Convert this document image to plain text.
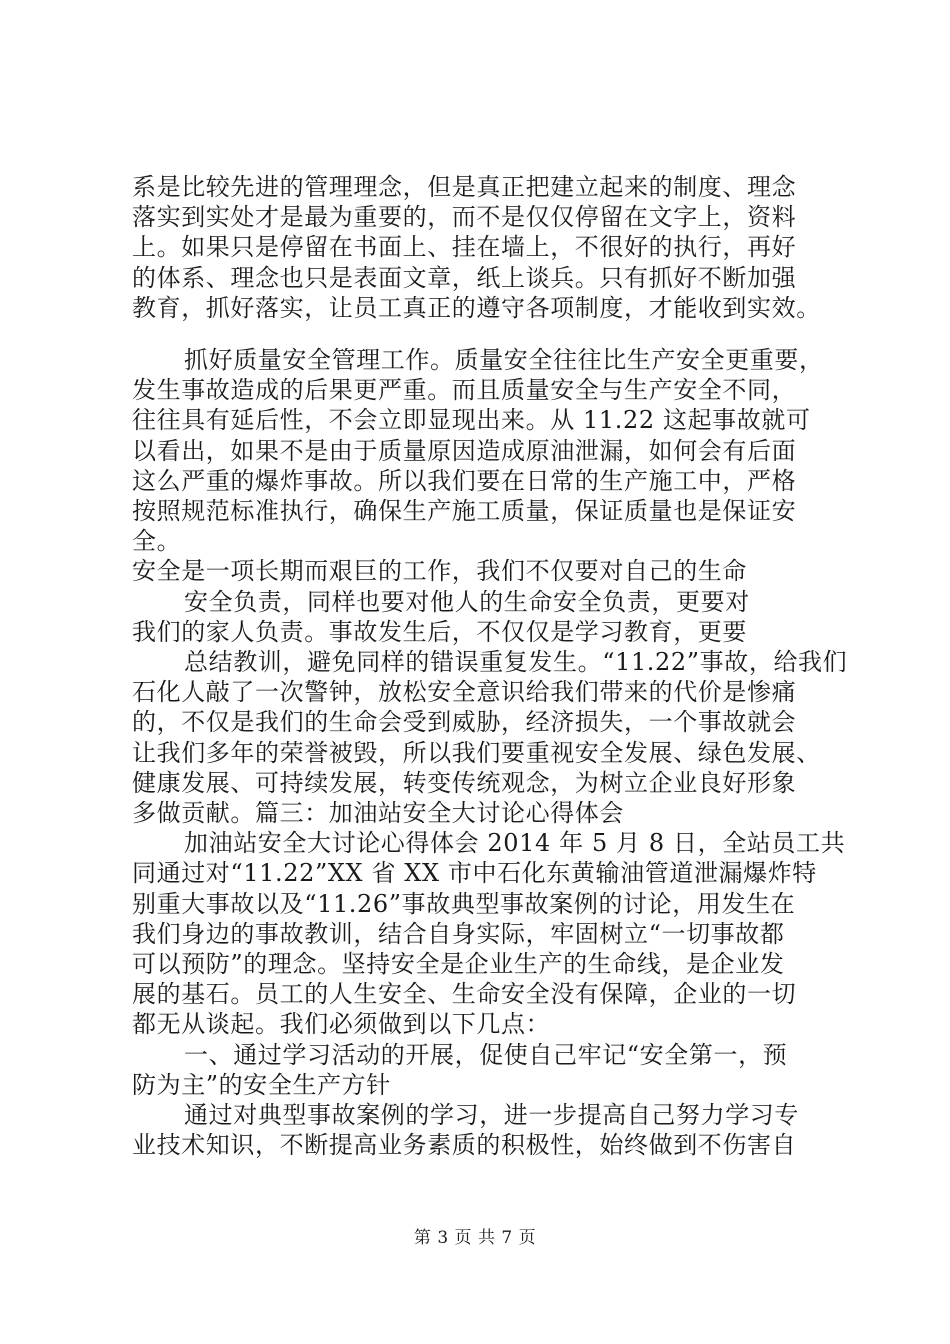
系是比较先进的管理理念，但是真正把建立起来的制度、理念
落实到实处才是最为重要的，而不是仅仅停留在文字上，资料
上。如果只是停留在书面上、挂在墙上，不很好的执行，再好
的体系、理念也只是表面文章，纸上谈兵。只有抓好不断加强
教育，抓好落实，让员工真正的遵守各项制度，才能收到实效。
抓好质量安全管理工作。质量安全往往比生产安全更重要，
发生事故造成的后果更严重。而且质量安全与生产安全不同，
往往具有延后性，不会立即显现出来。从 11.22 这起事故就可
以看出，如果不是由于质量原因造成原油泄漏，如何会有后面
这么严重的爆炸事故。所以我们要在日常的生产施工中，严格
按照规范标准执行，确保生产施工质量，保证质量也是保证安
全。
安全是一项长期而艰巨的工作，我们不仅要对自己的生命
安全负责，同样也要对他人的生命安全负责，更要对
我们的家人负责。事故发生后，不仅仅是学习教育，更要
总结教训，避免同样的错误重复发生。“11.22”事故，给我们
石化人敲了一次警钟，放松安全意识给我们带来的代价是惨痛
的，不仅是我们的生命会受到威胁，经济损失，一个事故就会
让我们多年的荣誉被毁，所以我们要重视安全发展、绿色发展、
健康发展、可持续发展，转变传统观念，为树立企业良好形象
多做贡献。篇三：加油站安全大讨论心得体会
加油站安全大讨论心得体会 2014 年 5 月 8 日，全站员工共
同通过对“11.22”XX 省 XX 市中石化东黄输油管道泄漏爆炸特
别重大事故以及“11.26”事故典型事故案例的讨论，用发生在
我们身边的事故教训，结合自身实际，牢固树立“一切事故都
可以预防”的理念。坚持安全是企业生产的生命线，是企业发
展的基石。员工的人生安全、生命安全没有保障，企业的一切
都无从谈起。我们必须做到以下几点：
一、通过学习活动的开展，促使自己牢记“安全第一，预
防为主”的安全生产方针
通过对典型事故案例的学习，进一步提高自己努力学习专
业技术知识，不断提高业务素质的积极性，始终做到不伤害自
第 3 页 共 7 页
